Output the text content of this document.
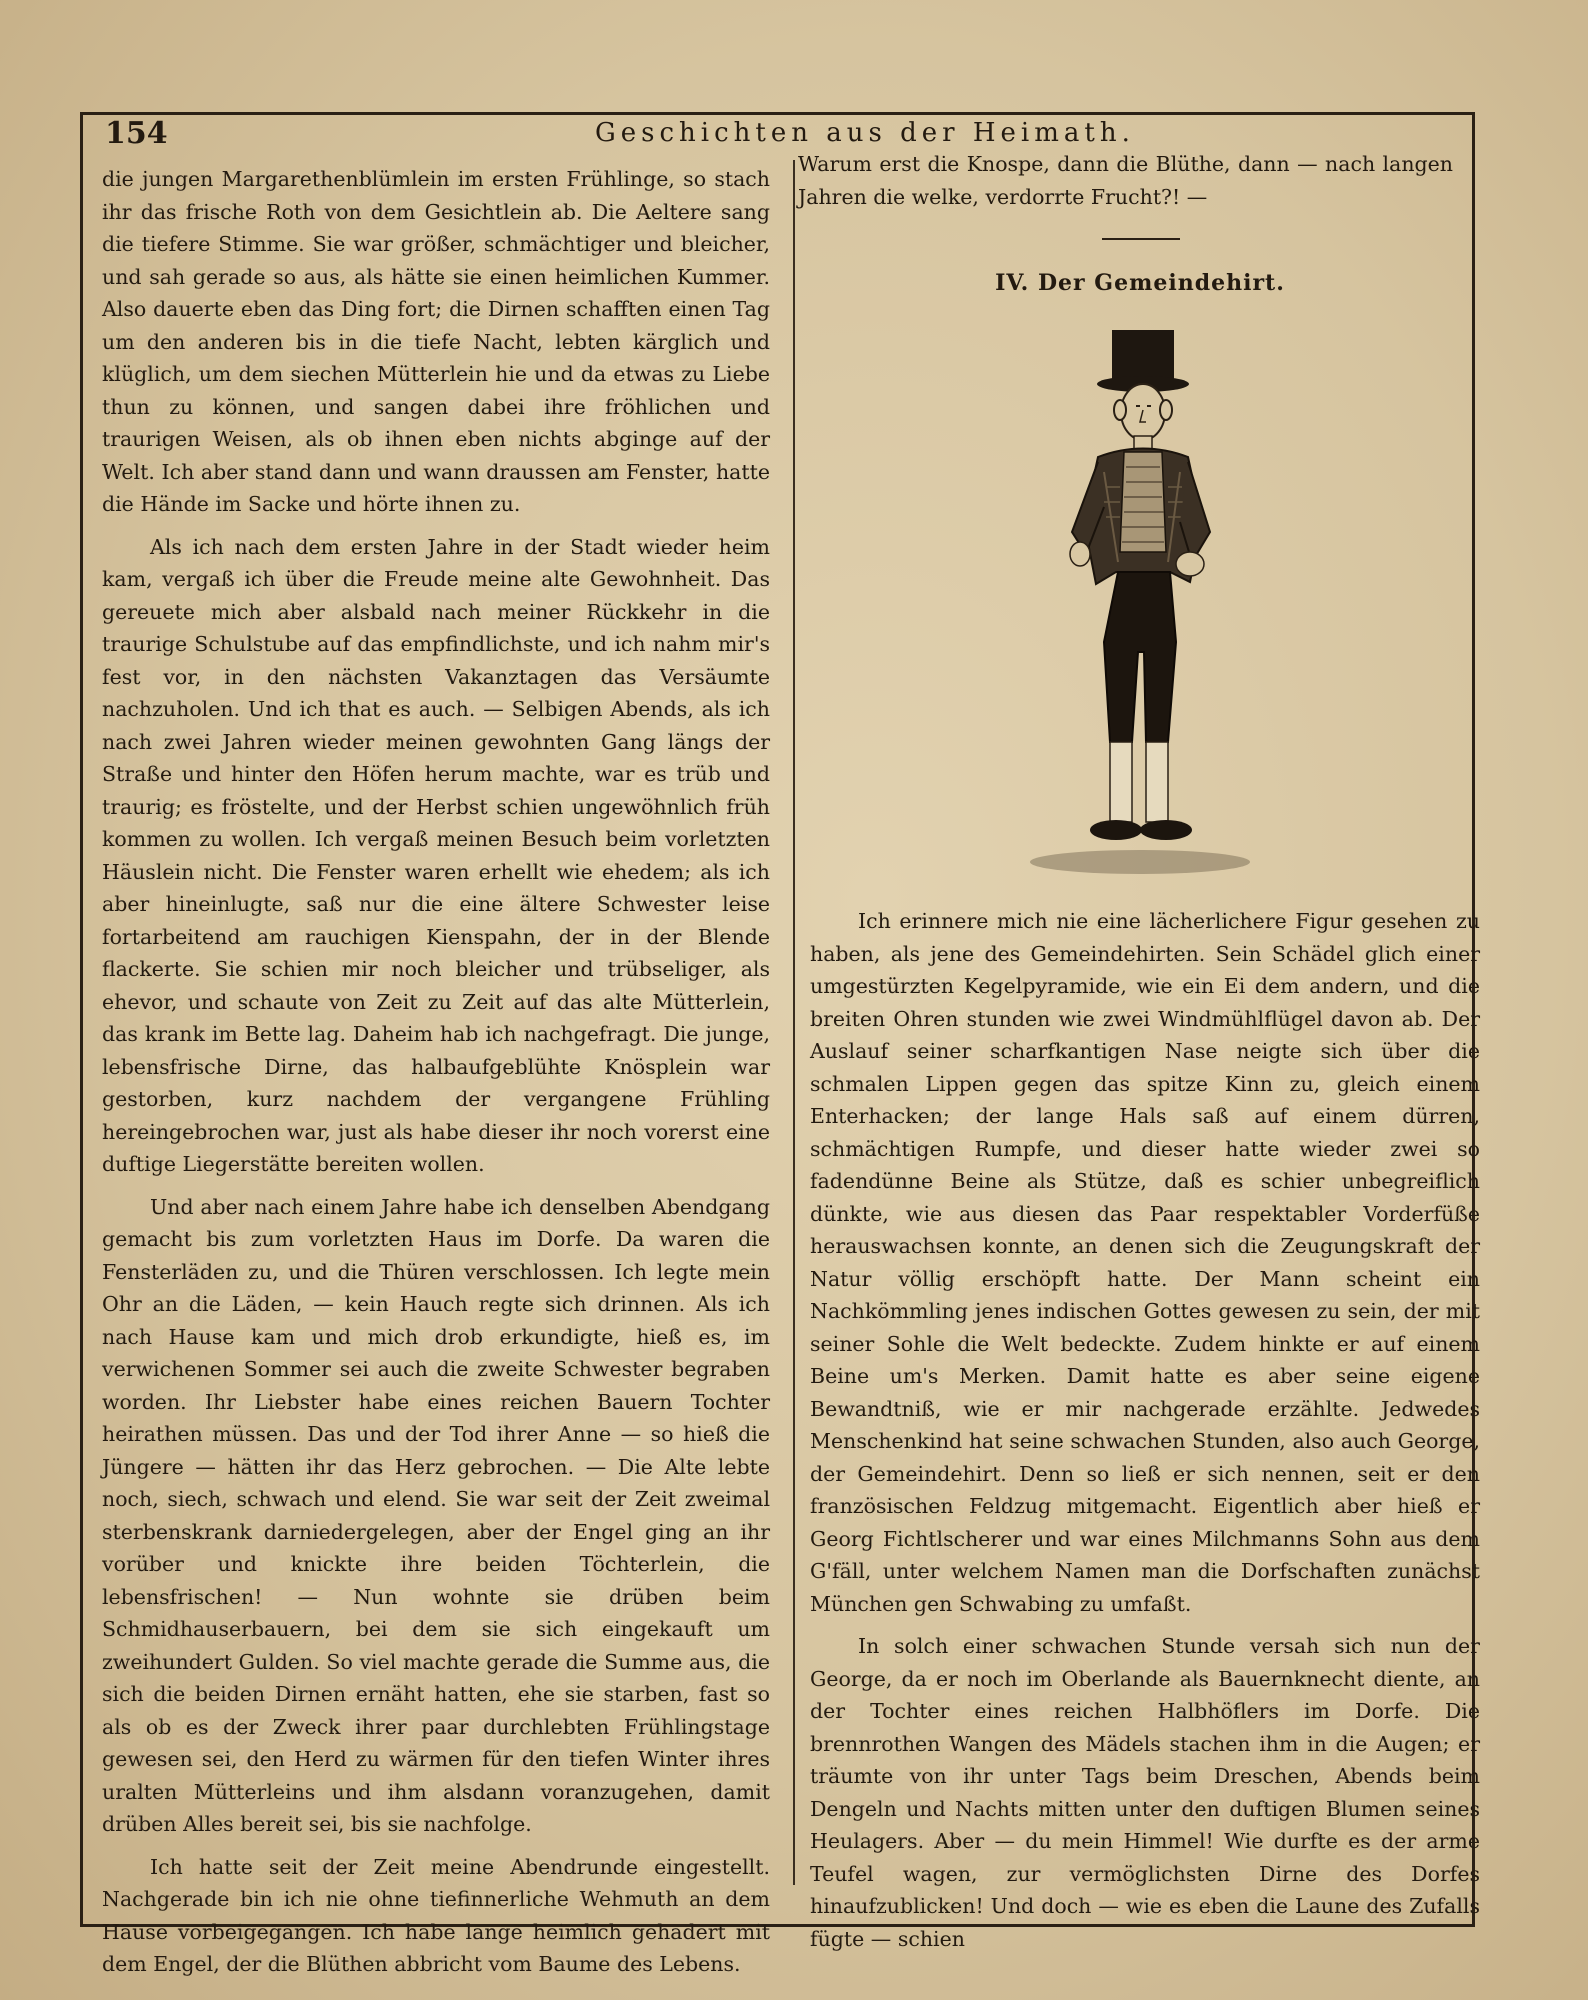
154	Geschichten aus der Heimath.

die jungen Margarethenblümlein im ersten Frühlinge, so stach ihr das frische Roth von dem Gesichtlein ab. Die Aeltere sang die tiefere Stimme. Sie war größer, schmächtiger und bleicher, und sah gerade so aus, als hätte sie einen heimlichen Kummer. Also dauerte eben das Ding fort; die Dirnen schafften einen Tag um den anderen bis in die tiefe Nacht, lebten kärglich und klüglich, um dem siechen Mütterlein hie und da etwas zu Liebe thun zu können, und sangen dabei ihre fröhlichen und traurigen Weisen, als ob ihnen eben nichts abginge auf der Welt. Ich aber stand dann und wann draussen am Fenster, hatte die Hände im Sacke und hörte ihnen zu.

Als ich nach dem ersten Jahre in der Stadt wieder heim kam, vergaß ich über die Freude meine alte Gewohnheit. Das gereuete mich aber alsbald nach meiner Rückkehr in die traurige Schulstube auf das empfindlichste, und ich nahm mir's fest vor, in den nächsten Vakanztagen das Versäumte nachzuholen. Und ich that es auch. — Selbigen Abends, als ich nach zwei Jahren wieder meinen gewohnten Gang längs der Straße und hinter den Höfen herum machte, war es trüb und traurig; es fröstelte, und der Herbst schien ungewöhnlich früh kommen zu wollen. Ich vergaß meinen Besuch beim vorletzten Häuslein nicht. Die Fenster waren erhellt wie ehedem; als ich aber hineinlugte, saß nur die eine ältere Schwester leise fortarbeitend am rauchigen Kienspahn, der in der Blende flackerte. Sie schien mir noch bleicher und trübseliger, als ehevor, und schaute von Zeit zu Zeit auf das alte Mütterlein, das krank im Bette lag. Daheim hab ich nachgefragt. Die junge, lebensfrische Dirne, das halbaufgeblühte Knösplein war gestorben, kurz nachdem der vergangene Frühling hereingebrochen war, just als habe dieser ihr noch vorerst eine duftige Liegerstätte bereiten wollen.

Und aber nach einem Jahre habe ich denselben Abendgang gemacht bis zum vorletzten Haus im Dorfe. Da waren die Fensterläden zu, und die Thüren verschlossen. Ich legte mein Ohr an die Läden, — kein Hauch regte sich drinnen. Als ich nach Hause kam und mich drob erkundigte, hieß es, im verwichenen Sommer sei auch die zweite Schwester begraben worden. Ihr Liebster habe eines reichen Bauern Tochter heirathen müssen. Das und der Tod ihrer Anne — so hieß die Jüngere — hätten ihr das Herz gebrochen. — Die Alte lebte noch, siech, schwach und elend. Sie war seit der Zeit zweimal sterbenskrank darniedergelegen, aber der Engel ging an ihr vorüber und knickte ihre beiden Töchterlein, die lebensfrischen! — Nun wohnte sie drüben beim Schmidhauserbauern, bei dem sie sich eingekauft um zweihundert Gulden. So viel machte gerade die Summe aus, die sich die beiden Dirnen ernäht hatten, ehe sie starben, fast so als ob es der Zweck ihrer paar durchlebten Frühlingstage gewesen sei, den Herd zu wärmen für den tiefen Winter ihres uralten Mütterleins und ihm alsdann voranzugehen, damit drüben Alles bereit sei, bis sie nachfolge.

Ich hatte seit der Zeit meine Abendrunde eingestellt. Nachgerade bin ich nie ohne tiefinnerliche Wehmuth an dem Hause vorbeigegangen. Ich habe lange heimlich gehadert mit dem Engel, der die Blüthen abbricht vom Baume des Lebens.

Warum erst die Knospe, dann die Blüthe, dann — nach langen Jahren die welke, verdorrte Frucht?! —

IV. Der Gemeindehirt.

Ich erinnere mich nie eine lächerlichere Figur gesehen zu haben, als jene des Gemeindehirten. Sein Schädel glich einer umgestürzten Kegelpyramide, wie ein Ei dem andern, und die breiten Ohren stunden wie zwei Windmühlflügel davon ab. Der Auslauf seiner scharfkantigen Nase neigte sich über die schmalen Lippen gegen das spitze Kinn zu, gleich einem Enterhacken; der lange Hals saß auf einem dürren, schmächtigen Rumpfe, und dieser hatte wieder zwei so fadendünne Beine als Stütze, daß es schier unbegreiflich dünkte, wie aus diesen das Paar respektabler Vorderfüße herauswachsen konnte, an denen sich die Zeugungskraft der Natur völlig erschöpft hatte. Der Mann scheint ein Nachkömmling jenes indischen Gottes gewesen zu sein, der mit seiner Sohle die Welt bedeckte. Zudem hinkte er auf einem Beine um's Merken. Damit hatte es aber seine eigene Bewandtniß, wie er mir nachgerade erzählte. Jedwedes Menschenkind hat seine schwachen Stunden, also auch George, der Gemeindehirt. Denn so ließ er sich nennen, seit er den französischen Feldzug mitgemacht. Eigentlich aber hieß er Georg Fichtlscherer und war eines Milchmanns Sohn aus dem G'fäll, unter welchem Namen man die Dorfschaften zunächst München gen Schwabing zu umfaßt.

In solch einer schwachen Stunde versah sich nun der George, da er noch im Oberlande als Bauernknecht diente, an der Tochter eines reichen Halbhöflers im Dorfe. Die brennrothen Wangen des Mädels stachen ihm in die Augen; er träumte von ihr unter Tags beim Dreschen, Abends beim Dengeln und Nachts mitten unter den duftigen Blumen seines Heulagers. Aber — du mein Himmel! Wie durfte es der arme Teufel wagen, zur vermöglichsten Dirne des Dorfes hinaufzublicken! Und doch — wie es eben die Laune des Zufalls fügte — schien
